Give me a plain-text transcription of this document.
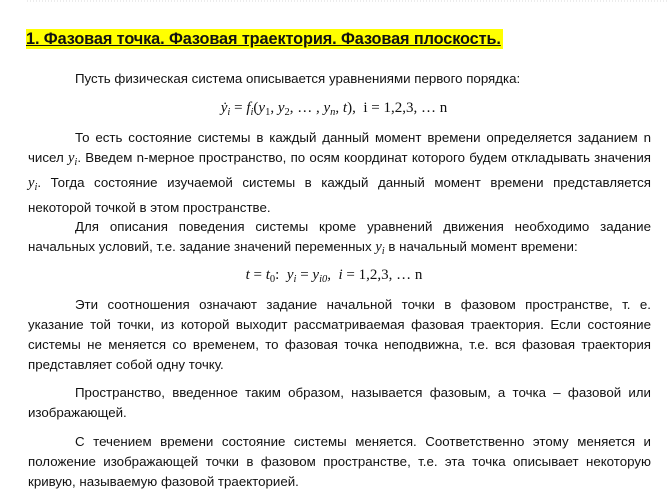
1. Фазовая точка. Фазовая траектория. Фазовая плоскость.

Пусть физическая система описывается уравнениями первого порядка:

ẏ$_i$ = $f_i(y_1$, $y_2$, … , $y_n$, t),  i = 1,2,3, … n

То есть состояние системы в каждый данный момент времени определяется заданием n чисел $y_i$. Введем n-мерное пространство, по осям координат которого будем откладывать значения $y_i$. Тогда состояние изучаемой системы в каждый данный момент времени представляется некоторой точкой в этом пространстве.

Для описания поведения системы кроме уравнений движения необходимо задание начальных условий, т.е. задание значений переменных $y_i$ в начальный момент времени:

$t = t_0$:  $y_i = y_{i0}$,  i = 1,2,3, … n

Эти соотношения означают задание начальной точки в фазовом пространстве, т. е. указание той точки, из которой выходит рассматриваемая фазовая траектория. Если состояние системы не меняется со временем, то фазовая точка неподвижна, т.е. вся фазовая траектория представляет собой одну точку.

Пространство, введенное таким образом, называется фазовым, а точка – фазовой или изображающей.

С течением времени состояние системы меняется. Соответственно этому меняется и положение изображающей точки в фазовом пространстве, т.е. эта точка описывает некоторую кривую, называемую фазовой траекторией.
